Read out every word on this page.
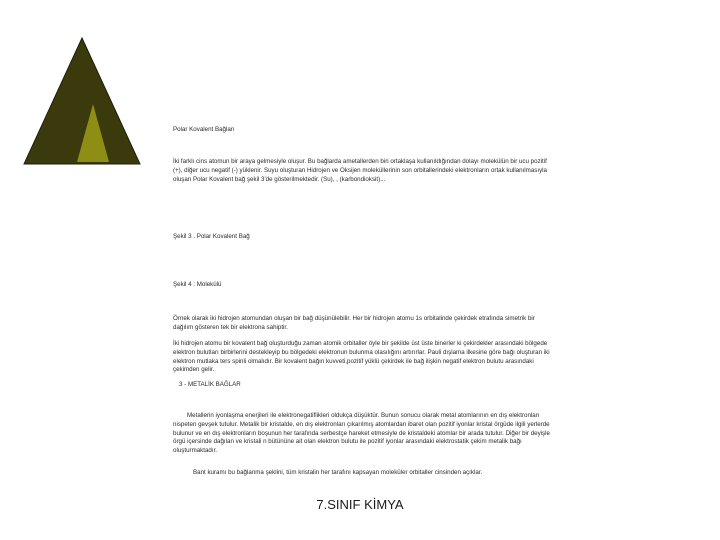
Polar Kovalent Bağları

İki farklı cins atomun bir araya gelmesiyle oluşur. Bu bağlarda ametallerden biri ortaklaşa kullanıldığından dolayı molekülün bir ucu pozitif (+), diğer ucu negatif (-) yüklenir. Suyu oluşturan Hidrojen ve Oksijen moleküllerinin son orbitallerindeki elektronların ortak kullanılmasıyla oluşan Polar Kovalent bağ şekil 3'de gösterilmektedir. (Su), , (karbondioksit)...

Şekil 3 . Polar Kovalent Bağ

Şekil 4 : Molekülü

Örnek olarak iki hidrojen atomundan oluşan bir bağ düşünülebilir. Her bir hidrojen atomu 1s orbitalinde çekirdek etrafında simetrik bir dağılım gösteren tek bir elektrona sahiptir.

İki hidrojen atomu bir kovalent bağ oluşturduğu zaman atomik orbitaller öyle bir şekilde üst üste binerler ki çekirdekler arasındaki bölgede elektron bulutları birbirlerini destekleyip bu bölgedeki elektronun bulunma olasılığını artırırlar. Pauli dışlama ilkesine göre bağı oluşturan iki elektron mutlaka ters spinli olmalıdır. Bir kovalent bağın kuvveti,pozitif yüklü çekirdek ile bağ ilişkin negatif elektron bulutu arasındaki çekimden gelir.

3 - METALİK BAĞLAR

Metallerin iyonlaşma enerjileri ile elektronegatiflikleri oldukça düşüktür. Bunun sonucu olarak metal atomlarının en dış elektronları nispeten gevşek tutulur. Metalik bir kristalde, en dış elektronları çıkarılmış atomlardan ibaret olan pozitif iyonlar kristal örgüde ilgili yerlerde bulunur ve en dış elektronların boşunun her tarafında serbestçe hareket etmesiyle de kristaldeki atomlar bir arada tutulur. Diğer bir deyişle örgü içersinde dağılan ve kristali n bütününe ait olan elektron bulutu ile pozitif iyonlar arasındaki elektrostatik çekim metalik bağı oluşturmaktadır.

Bant kuramı bu bağlanma şeklini, tüm kristalin her tarafını kapsayan moleküler orbitaller cinsinden açıklar.

7.SINIF KİMYA
